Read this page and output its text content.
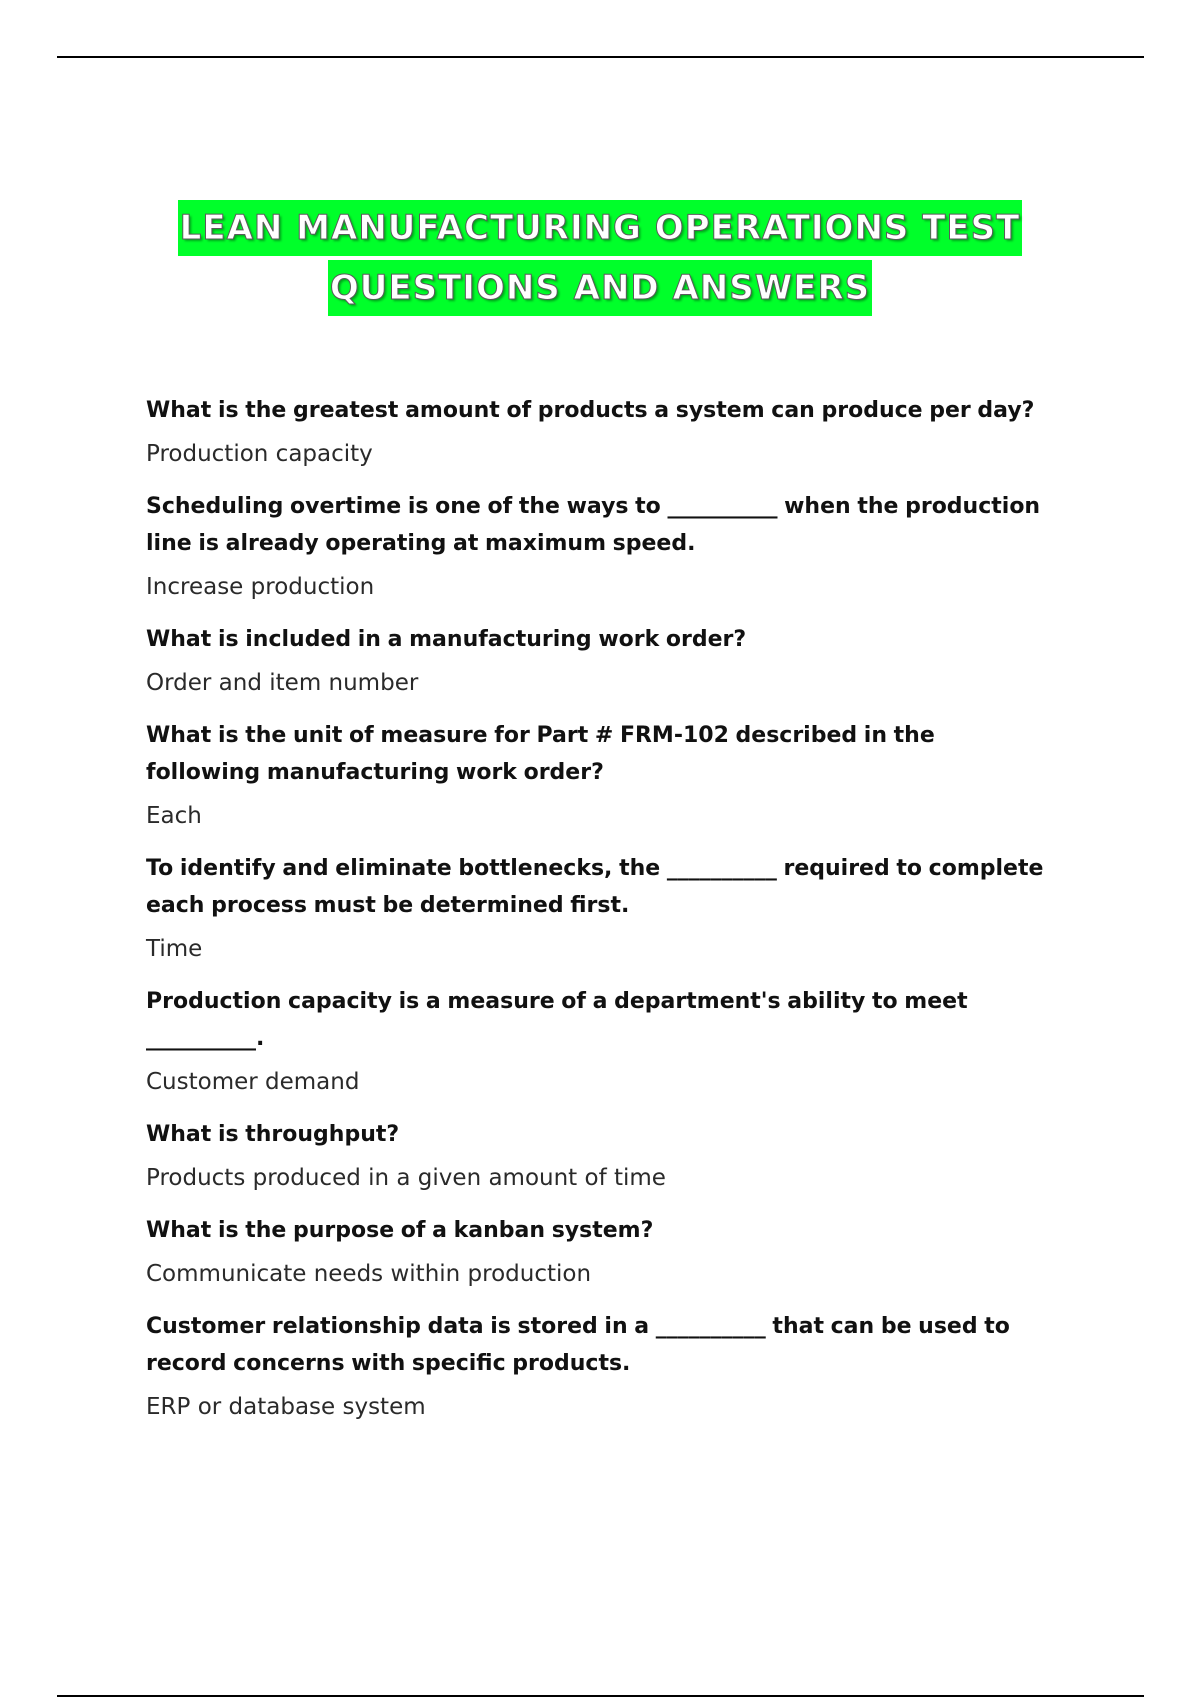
LEAN MANUFACTURING OPERATIONS TEST
QUESTIONS AND ANSWERS

What is the greatest amount of products a system can produce per day?

Production capacity

Scheduling overtime is one of the ways to __________ when the production line is already operating at maximum speed.

Increase production

What is included in a manufacturing work order?

Order and item number

What is the unit of measure for Part # FRM-102 described in the following manufacturing work order?

Each

To identify and eliminate bottlenecks, the __________ required to complete each process must be determined first.

Time

Production capacity is a measure of a department's ability to meet __________.

Customer demand

What is throughput?

Products produced in a given amount of time

What is the purpose of a kanban system?

Communicate needs within production

Customer relationship data is stored in a __________ that can be used to record concerns with specific products.

ERP or database system
